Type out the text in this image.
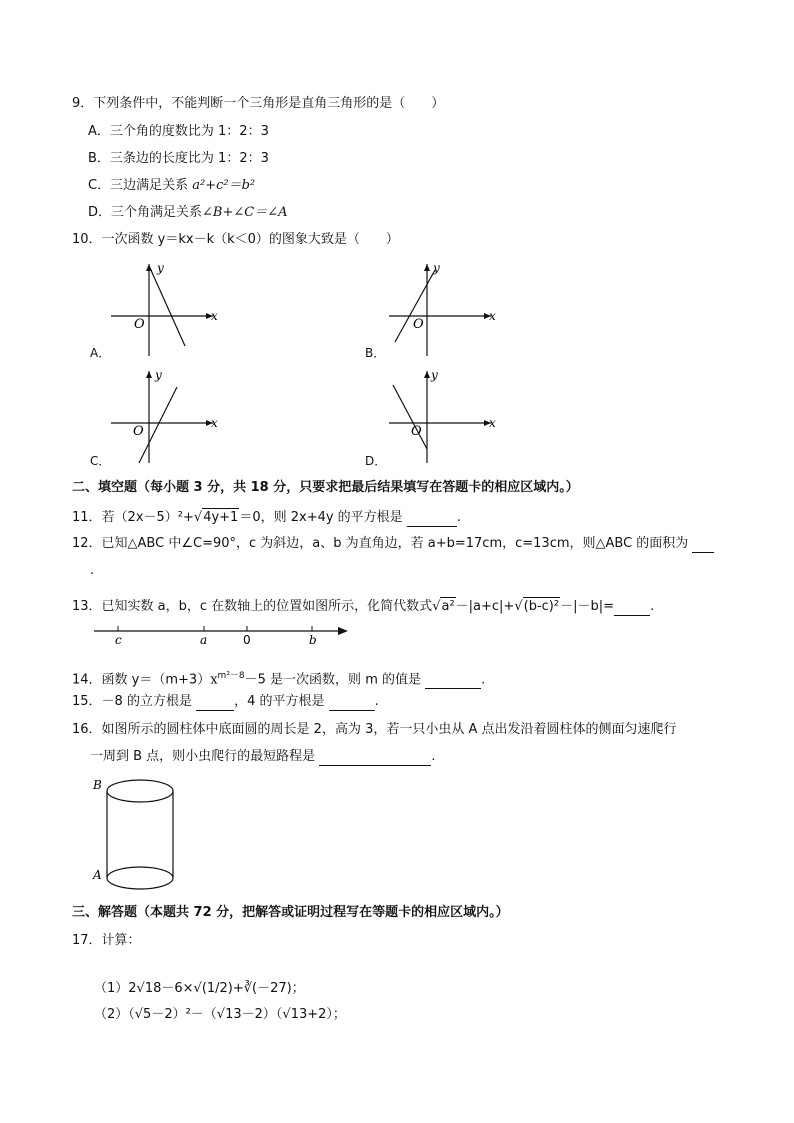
9．下列条件中，不能判断一个三角形是直角三角形的是（　　）
A．三个角的度数比为 1：2：3
B．三条边的长度比为 1：2：3
C．三边满足关系 a²+c²＝b²
D．三个角满足关系∠B+∠C＝∠A
10．一次函数 y＝kx－k（k＜0）的图象大致是（　　）
y
x
O
A．
y
x
O
B．
y
x
O
C．
y
x
O
D．
二、填空题（每小题 3 分，共 18 分，只要求把最后结果填写在答题卡的相应区域内。）
11．若（2x－5）²+√4y+1＝0，则 2x+4y 的平方根是	.
12．已知△ABC 中∠C=90°，c 为斜边，a、b 为直角边，若 a+b=17cm，c=13cm，则△ABC 的面积为
.
13．已知实数 a，b，c 在数轴上的位置如图所示，化简代数式√a²－|a+c|+√(b-c)²－|－b|=	.
c	a	0	b
14．函数 $y=(m+3)x^{m^2-8}-5$ 是一次函数，则 m 的值是	.
15．－8 的立方根是	，4 的平方根是	.
16．如图所示的圆柱体中底面圆的周长是 2，高为 3，若一只小虫从 A 点出发沿着圆柱体的侧面匀速爬行
一周到 B 点，则小虫爬行的最短路程是	.
B
A
三、解答题（本题共 72 分，把解答或证明过程写在等题卡的相应区域内。）
17．计算：
（1）2√18－6×√(1/2)+∛(－27)；
（2）（√5－2）²－（√13－2）（√13+2）；
